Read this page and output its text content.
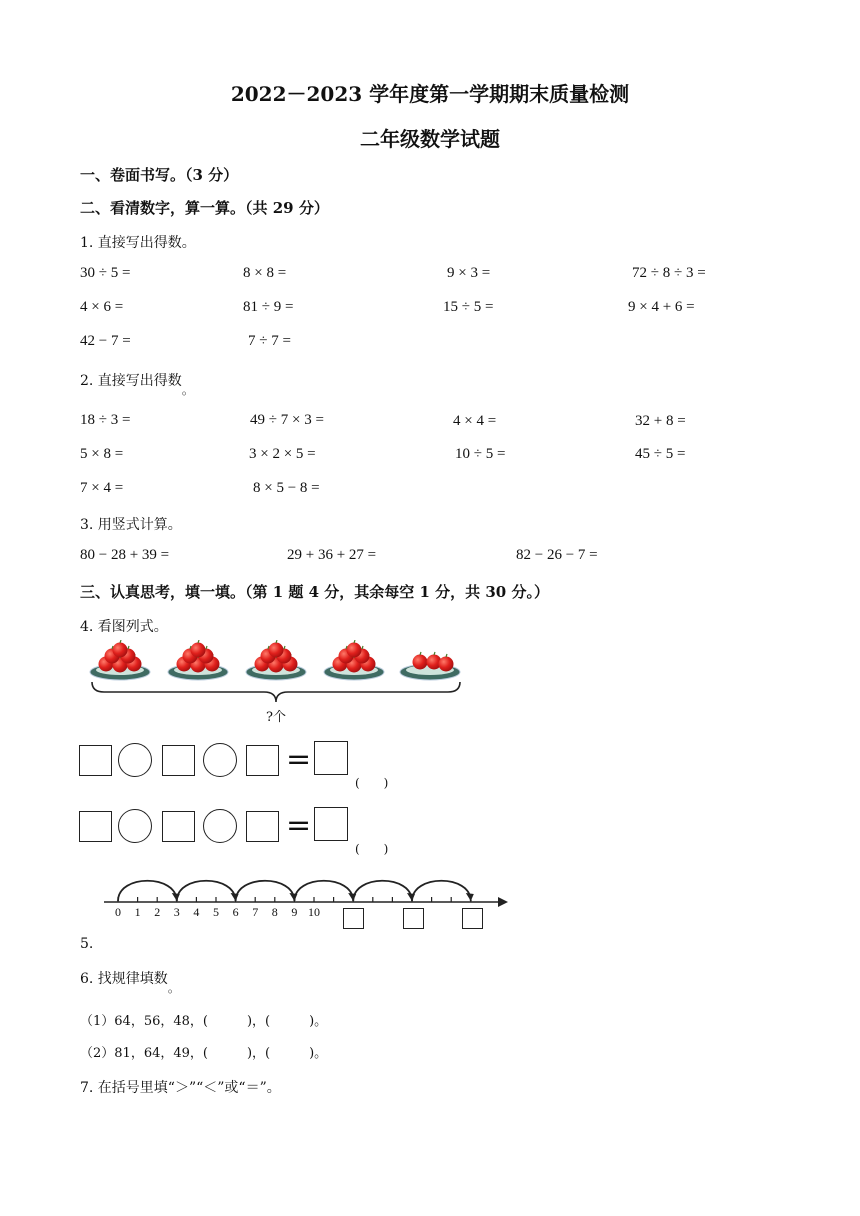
2022－2023 学年度第一学期期末质量检测
二年级数学试题
一、卷面书写。（3 分）
二、看清数字，算一算。（共 29 分）
1. 直接写出得数。
30 ÷ 5 =	8 × 8 =	9 × 3 =	72 ÷ 8 ÷ 3 =
4 × 6 =	81 ÷ 9 =	15 ÷ 5 =	9 × 4 + 6 =
42 − 7 =	7 ÷ 7 =
2. 直接写出得数。
18 ÷ 3 =	49 ÷ 7 × 3 =	4 × 4 =	32 + 8 =
5 × 8 =	3 × 2 × 5 =	10 ÷ 5 =	45 ÷ 5 =
7 × 4 =	8 × 5 − 8 =
3. 用竖式计算。
80 − 28 + 39 =	29 + 36 + 27 =	82 − 26 − 7 =
三、认真思考，填一填。（第 1 题 4 分，其余每空 1 分，共 30 分。）
4. 看图列式。
?个
=
(　　)
=
(　　)
0 1 2 3 4 5 6 7 8 9 10
5.
6. 找规律填数。
（1）64，56，48，(　　　)，(　　　)。
（2）81，64，49，(　　　)，(　　　)。
7. 在括号里填“＞”“＜”或“＝”。
